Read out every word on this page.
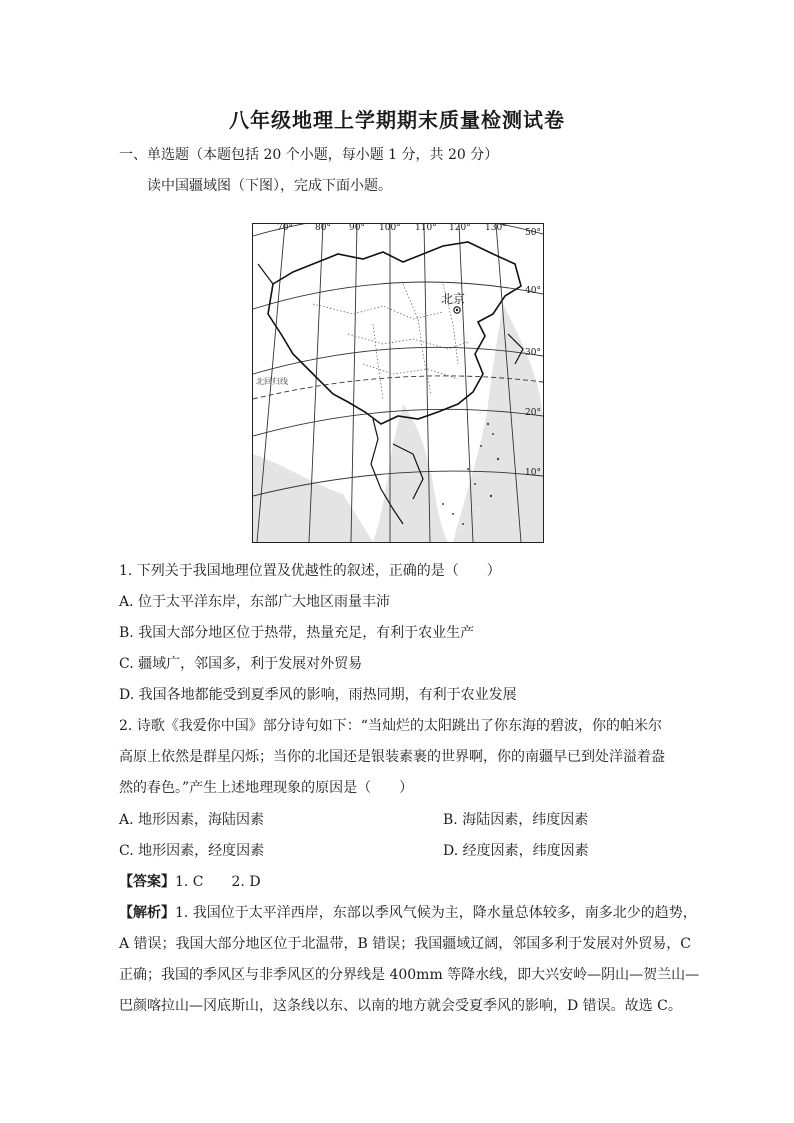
八年级地理上学期期末质量检测试卷
一、单选题（本题包括 20 个小题，每小题 1 分，共 20 分）
读中国疆域图（下图），完成下面小题。
70° 80° 90° 100° 110° 120° 130° 50°
40°
30°
20°
10°
北京
北回归线
1. 下列关于我国地理位置及优越性的叙述，正确的是（　　）
A. 位于太平洋东岸，东部广大地区雨量丰沛
B. 我国大部分地区位于热带，热量充足，有利于农业生产
C. 疆域广，邻国多，利于发展对外贸易
D. 我国各地都能受到夏季风的影响，雨热同期，有利于农业发展
2. 诗歌《我爱你中国》部分诗句如下：“当灿烂的太阳跳出了你东海的碧波，你的帕米尔
高原上依然是群星闪烁；当你的北国还是银装素裹的世界啊，你的南疆早已到处洋溢着盎
然的春色。”产生上述地理现象的原因是（　　）
A. 地形因素，海陆因素	B. 海陆因素，纬度因素
C. 地形因素，经度因素	D. 经度因素，纬度因素
【答案】1. C　　2. D
【解析】1. 我国位于太平洋西岸，东部以季风气候为主，降水量总体较多，南多北少的趋势，
A 错误；我国大部分地区位于北温带，B 错误；我国疆域辽阔，邻国多利于发展对外贸易，C
正确；我国的季风区与非季风区的分界线是 400mm 等降水线，即大兴安岭—阴山—贺兰山—
巴颜喀拉山—冈底斯山，这条线以东、以南的地方就会受夏季风的影响，D 错误。故选 C。
